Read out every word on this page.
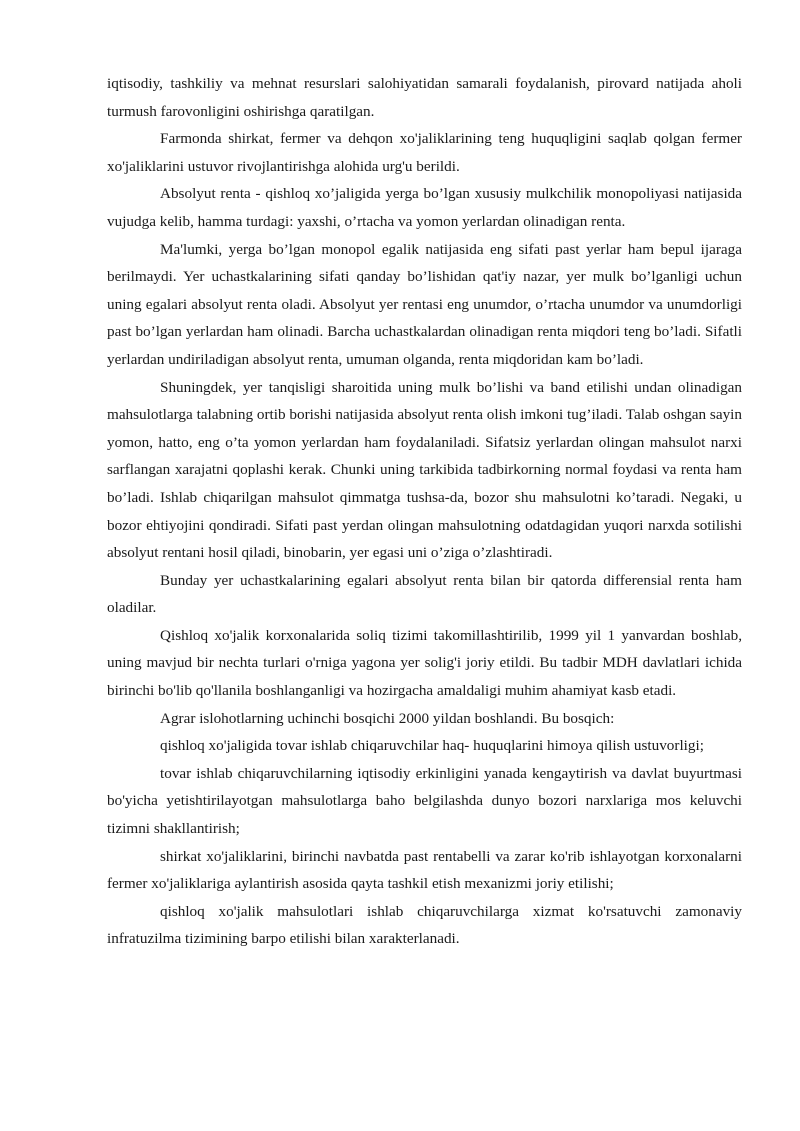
iqtisodiy, tashkiliy va mehnat resurslari salohiyatidan samarali foydalanish, pirovard natijada aholi turmush farovonligini oshirishga qaratilgan.

Farmonda shirkat, fermer va dehqon xo'jaliklarining teng huquqligini saqlab qolgan fermer xo'jaliklarini ustuvor rivojlantirishga alohida urg'u berildi.

Absolyut renta - qishloq xo’jaligida yerga bo’lgan xususiy mulkchilik monopoliyasi natijasida vujudga kelib, hamma turdagi: yaxshi, o’rtacha va yomon yerlardan olinadigan renta.

Ma'lumki, yerga bo’lgan monopol egalik natijasida eng sifati past yerlar ham bepul ijaraga berilmaydi. Yer uchastkalarining sifati qanday bo’lishidan qat'iy nazar, yer mulk bo’lganligi uchun uning egalari absolyut renta oladi. Absolyut yer rentasi eng unumdor, o’rtacha unumdor va unumdorligi past bo’lgan yerlardan ham olinadi. Barcha uchastkalardan olinadigan renta miqdori teng bo’ladi. Sifatli yerlardan undiriladigan absolyut renta, umuman olganda, renta miqdoridan kam bo’ladi.

Shuningdek, yer tanqisligi sharoitida uning mulk bo’lishi va band etilishi undan olinadigan mahsulotlarga talabning ortib borishi natijasida absolyut renta olish imkoni tug’iladi. Talab oshgan sayin yomon, hatto, eng o’ta yomon yerlardan ham foydalaniladi. Sifatsiz yerlardan olingan mahsulot narxi sarflangan xarajatni qoplashi kerak. Chunki uning tarkibida tadbirkorning normal foydasi va renta ham bo’ladi. Ishlab chiqarilgan mahsulot qimmatga tushsa-da, bozor shu mahsulotni ko’taradi. Negaki, u bozor ehtiyojini qondiradi. Sifati past yerdan olingan mahsulotning odatdagidan yuqori narxda sotilishi absolyut rentani hosil qiladi, binobarin, yer egasi uni o’ziga o’zlashtiradi.

Bunday yer uchastkalarining egalari absolyut renta bilan bir qatorda differensial renta ham oladilar.

Qishloq xo'jalik korxonalarida soliq tizimi takomillashtirilib, 1999 yil 1 yanvardan boshlab, uning mavjud bir nechta turlari o'rniga yagona yer solig'i joriy etildi. Bu tadbir MDH davlatlari ichida birinchi bo'lib qo'llanila boshlanganligi va hozirgacha amaldaligi muhim ahamiyat kasb etadi.

Agrar islohotlarning uchinchi bosqichi 2000 yildan boshlandi. Bu bosqich:

qishloq xo'jaligida tovar ishlab chiqaruvchilar haq- huquqlarini himoya qilish ustuvorligi;

tovar ishlab chiqaruvchilarning iqtisodiy erkinligini yanada kengaytirish va davlat buyurtmasi bo'yicha yetishtirilayotgan mahsulotlarga baho belgilashda dunyo bozori narxlariga mos keluvchi tizimni shakllantirish;

shirkat xo'jaliklarini, birinchi navbatda past rentabelli va zarar ko'rib ishlayotgan korxonalarni fermer xo'jaliklariga aylantirish asosida qayta tashkil etish mexanizmi joriy etilishi;

qishloq xo'jalik mahsulotlari ishlab chiqaruvchilarga xizmat ko'rsatuvchi zamonaviy infratuzilma tizimining barpo etilishi bilan xarakterlanadi.
